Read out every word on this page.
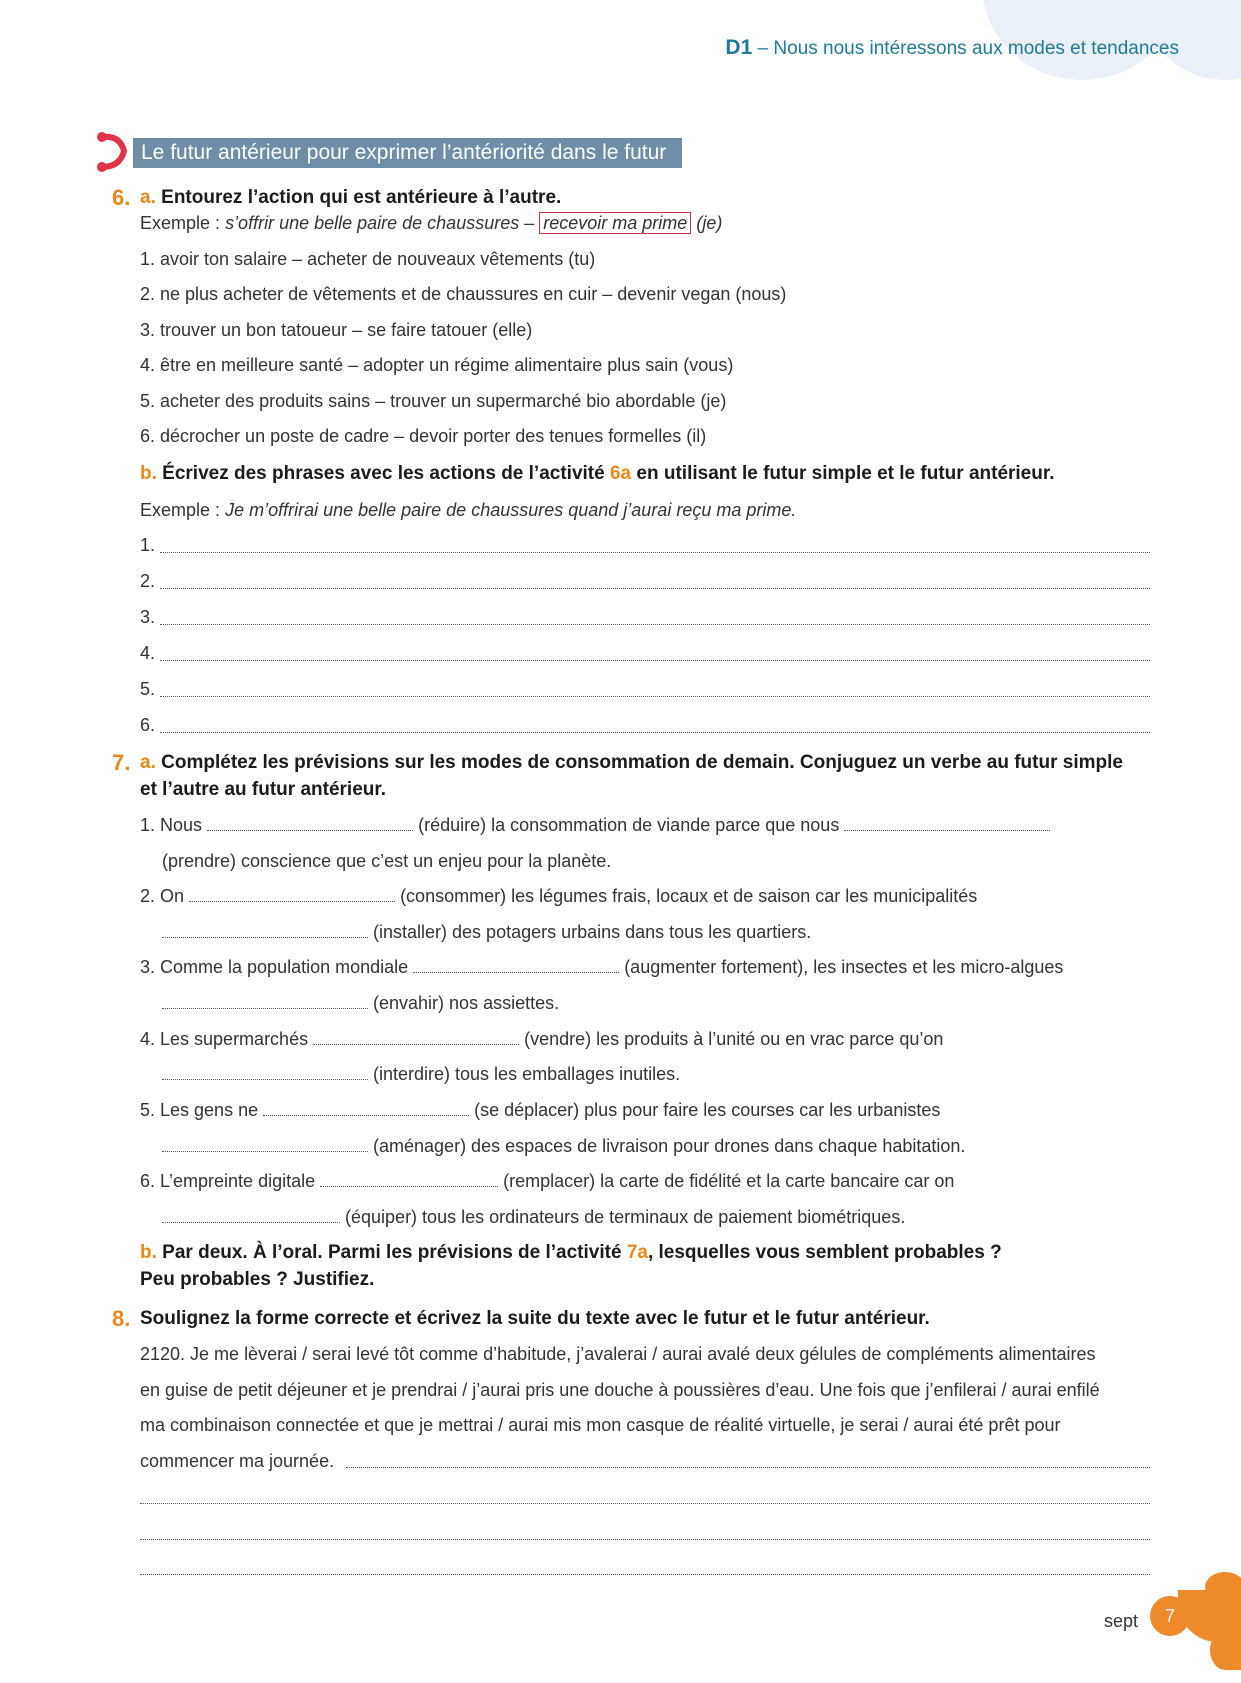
D1 – Nous nous intéressons aux modes et tendances
Le futur antérieur pour exprimer l’antériorité dans le futur
6. a. Entourez l’action qui est antérieure à l’autre.
Exemple : s’offrir une belle paire de chaussures – recevoir ma prime (je)
1. avoir ton salaire – acheter de nouveaux vêtements (tu)
2. ne plus acheter de vêtements et de chaussures en cuir – devenir vegan (nous)
3. trouver un bon tatoueur – se faire tatouer (elle)
4. être en meilleure santé – adopter un régime alimentaire plus sain (vous)
5. acheter des produits sains – trouver un supermarché bio abordable (je)
6. décrocher un poste de cadre – devoir porter des tenues formelles (il)
b. Écrivez des phrases avec les actions de l’activité 6a en utilisant le futur simple et le futur antérieur.
Exemple : Je m’offrirai une belle paire de chaussures quand j’aurai reçu ma prime.
1.
2.
3.
4.
5.
6.
7. a. Complétez les prévisions sur les modes de consommation de demain. Conjuguez un verbe au futur simple
et l’autre au futur antérieur.
1. Nous	(réduire) la consommation de viande parce que nous
(prendre) conscience que c’est un enjeu pour la planète.
2. On	(consommer) les légumes frais, locaux et de saison car les municipalités
(installer) des potagers urbains dans tous les quartiers.
3. Comme la population mondiale	(augmenter fortement), les insectes et les micro-algues
(envahir) nos assiettes.
4. Les supermarchés	(vendre) les produits à l’unité ou en vrac parce qu’on
(interdire) tous les emballages inutiles.
5. Les gens ne	(se déplacer) plus pour faire les courses car les urbanistes
(aménager) des espaces de livraison pour drones dans chaque habitation.
6. L’empreinte digitale	(remplacer) la carte de fidélité et la carte bancaire car on
(équiper) tous les ordinateurs de terminaux de paiement biométriques.
b. Par deux. À l’oral. Parmi les prévisions de l’activité 7a, lesquelles vous semblent probables ?
Peu probables ? Justifiez.
8. Soulignez la forme correcte et écrivez la suite du texte avec le futur et le futur antérieur.
2120. Je me lèverai / serai levé tôt comme d’habitude, j’avalerai / aurai avalé deux gélules de compléments alimentaires
en guise de petit déjeuner et je prendrai / j’aurai pris une douche à poussières d’eau. Une fois que j’enfilerai / aurai enfilé
ma combinaison connectée et que je mettrai / aurai mis mon casque de réalité virtuelle, je serai / aurai été prêt pour
commencer ma journée.
sept	7
